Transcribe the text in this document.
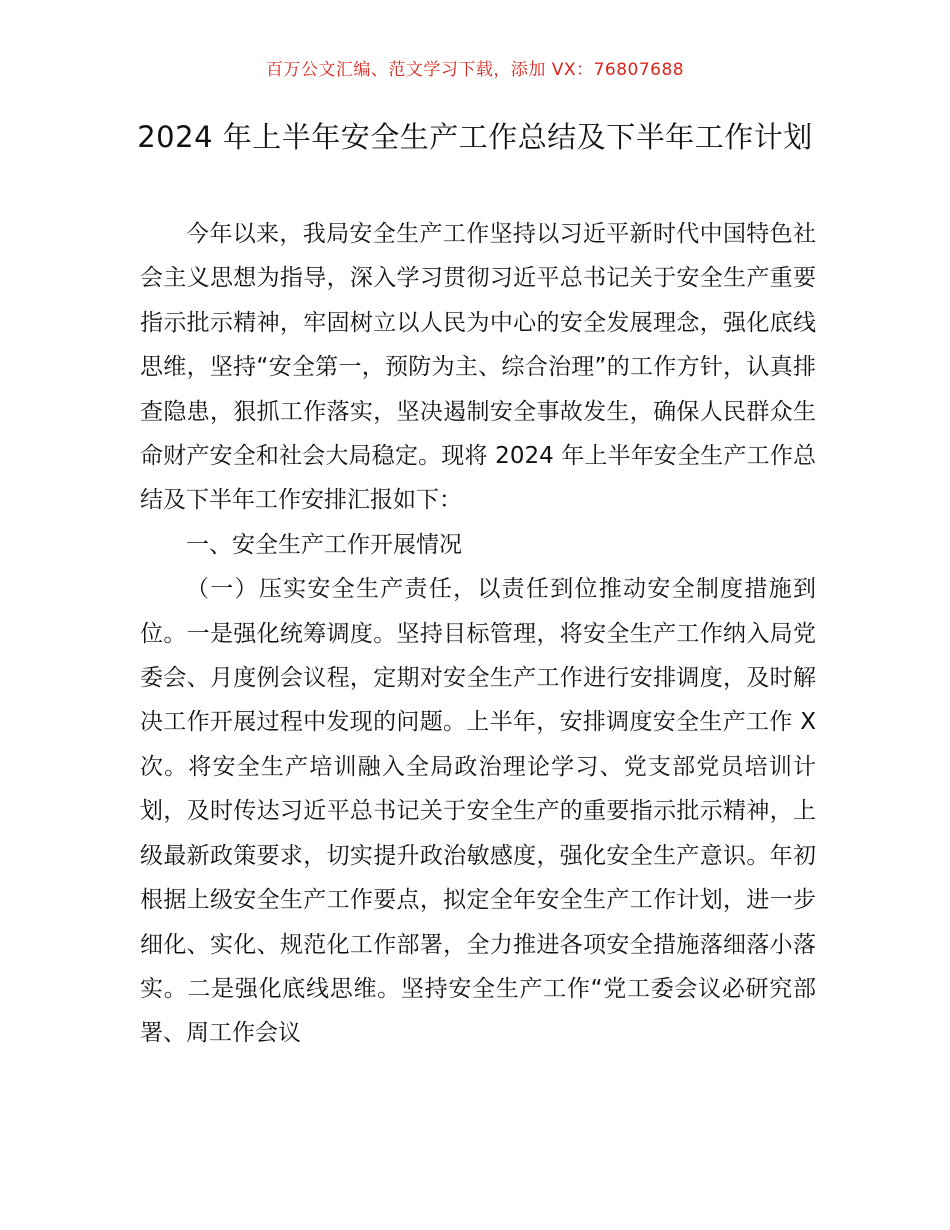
百万公文汇编、范文学习下载，添加 VX：76807688
2024 年上半年安全生产工作总结及下半年工作计划

今年以来，我局安全生产工作坚持以习近平新时代中国特色社会主义思想为指导，深入学习贯彻习近平总书记关于安全生产重要指示批示精神，牢固树立以人民为中心的安全发展理念，强化底线思维，坚持“安全第一，预防为主、综合治理”的工作方针，认真排查隐患，狠抓工作落实，坚决遏制安全事故发生，确保人民群众生命财产安全和社会大局稳定。现将 2024 年上半年安全生产工作总结及下半年工作安排汇报如下：

一、安全生产工作开展情况

（一）压实安全生产责任，以责任到位推动安全制度措施到位。一是强化统筹调度。坚持目标管理，将安全生产工作纳入局党委会、月度例会议程，定期对安全生产工作进行安排调度，及时解决工作开展过程中发现的问题。上半年，安排调度安全生产工作 X 次。将安全生产培训融入全局政治理论学习、党支部党员培训计划，及时传达习近平总书记关于安全生产的重要指示批示精神，上级最新政策要求，切实提升政治敏感度，强化安全生产意识。年初根据上级安全生产工作要点，拟定全年安全生产工作计划，进一步细化、实化、规范化工作部署，全力推进各项安全措施落细落小落实。二是强化底线思维。坚持安全生产工作“党工委会议必研究部署、周工作会议
